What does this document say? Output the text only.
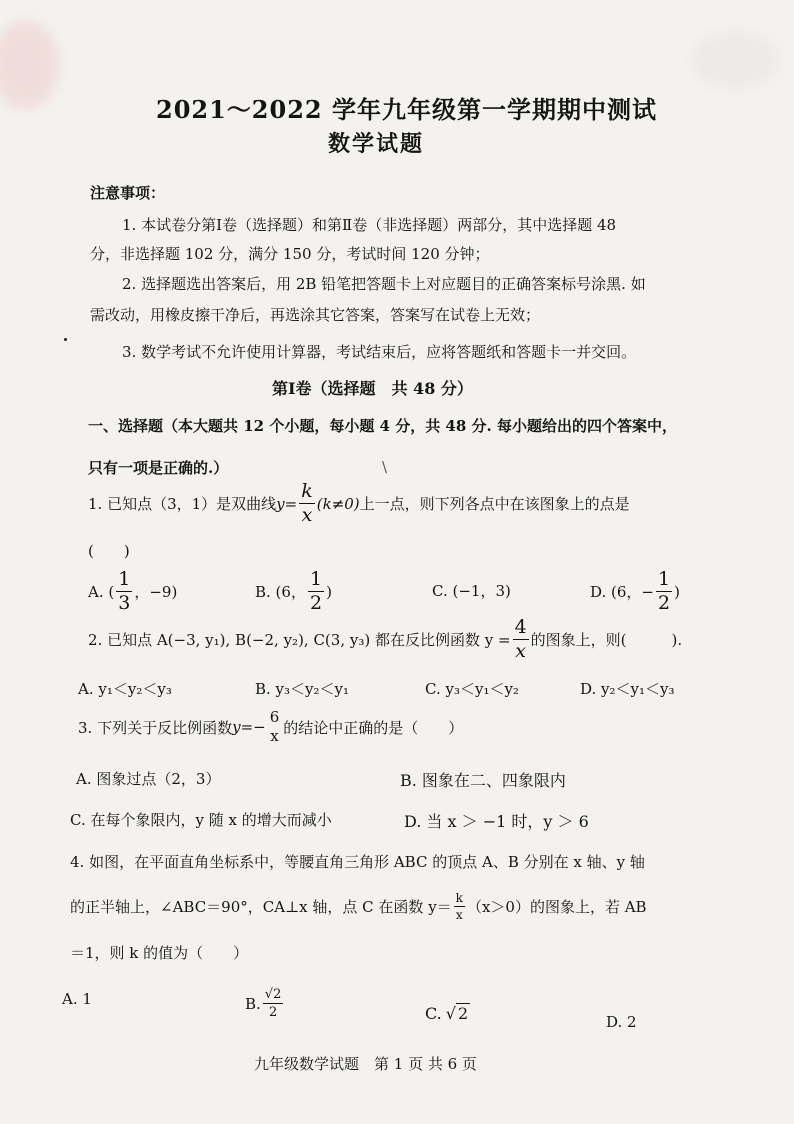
\
2021～2022 学年九年级第一学期期中测试
数学试题
注意事项：
1. 本试卷分第Ⅰ卷（选择题）和第Ⅱ卷（非选择题）两部分，其中选择题 48
分，非选择题 102 分，满分 150 分，考试时间 120 分钟；
2. 选择题选出答案后，用 2B 铅笔把答题卡上对应题目的正确答案标号涂黑. 如
需改动，用橡皮擦干净后，再选涂其它答案，答案写在试卷上无效；
3. 数学考试不允许使用计算器，考试结束后，应将答题纸和答题卡一并交回。
第Ⅰ卷（选择题　共 48 分）
一、选择题（本大题共 12 个小题，每小题 4 分，共 48 分. 每小题给出的四个答案中，
只有一项是正确的.）
1. 已知点（3，1）是双曲线 $y = \frac{k}{x} (k\ne 0)$ 上一点，则下列各点中在该图象上的点是
(　　)
A. ( $\frac{1}{3}$ ，−9)	B. (6， $\frac{1}{2}$ )	C. (−1，3)	D. (6，− $\frac{1}{2}$ )
2. 已知点 A(−3, y₁), B(−2, y₂), C(3, y₃) 都在反比例函数 $y = \frac{4}{x}$ 的图象上，则(　　　).
A. y₁＜y₂＜y₃	B. y₃＜y₂＜y₁	C. y₃＜y₁＜y₂	D. y₂＜y₁＜y₃
3. 下列关于反比例函数 y =−
6
x 的结论中正确的是（　　）
A. 图象过点（2，3）	B. 图象在二、四象限内
C. 在每个象限内，y 随 x 的增大而减小	D. 当 x ＞ −1 时，y ＞ 6
4. 如图，在平面直角坐标系中，等腰直角三角形 ABC 的顶点 A、B 分别在 x 轴、y 轴
的正半轴上，∠ABC＝90°，CA⊥x 轴，点 C 在函数 $y= \frac{k}{x} (x>0)$的图象上，若 AB
＝1，则 k 的值为（　　）
A. 1	B. $\frac{√2}{2}$	C. √ 2	D. 2
九年级数学试题　第 1 页 共 6 页
